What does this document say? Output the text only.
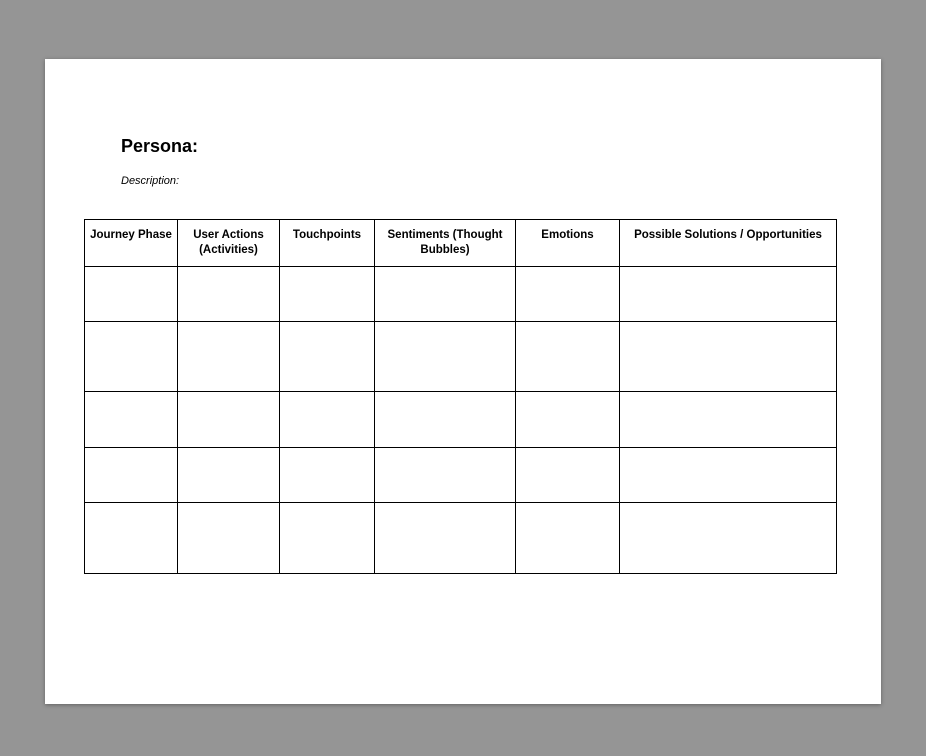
Persona:

Description:

Journey Phase	User Actions (Activities)	Touchpoints	Sentiments (Thought Bubbles)	Emotions	Possible Solutions / Opportunities
